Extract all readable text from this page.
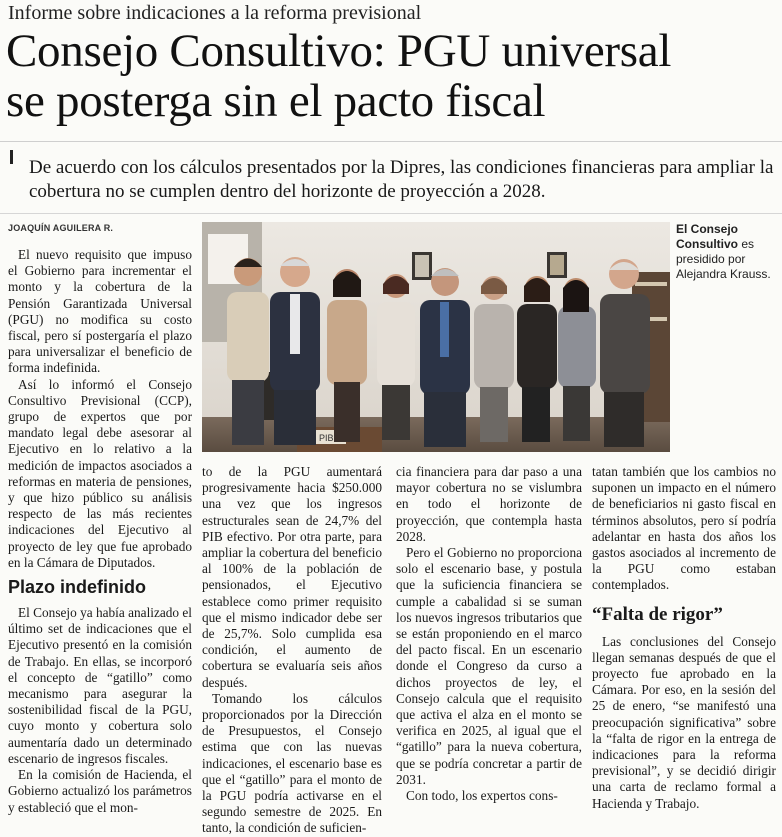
Informe sobre indicaciones a la reforma previsional
Consejo Consultivo: PGU universal
se posterga sin el pacto fiscal
De acuerdo con los cálculos presentados por la Dipres, las condiciones financieras para ampliar la cobertura no se cumplen dentro del horizonte de proyección a 2028.
JOAQUÍN AGUILERA R.
PIB
El Consejo Consultivo es presidido por Alejandra Krauss.

El nuevo requisito que impuso el Gobierno para incrementar el monto y la cobertura de la Pensión Garantizada Universal (PGU) no modifica su costo fiscal, pero sí postergaría el plazo para universalizar el beneficio de forma indefinida.

Así lo informó el Consejo Consultivo Previsional (CCP), grupo de expertos que por mandato legal debe asesorar al Ejecutivo en lo relativo a la medición de impactos asociados a reformas en materia de pensiones, y que hizo público su análisis respecto de las más recientes indicaciones del Ejecutivo al proyecto de ley que fue aprobado en la Cámara de Diputados.

Plazo indefinido

El Consejo ya había analizado el último set de indicaciones que el Ejecutivo presentó en la comisión de Trabajo. En ellas, se incorporó el concepto de “gatillo” como mecanismo para asegurar la sostenibilidad fiscal de la PGU, cuyo monto y cobertura solo aumentaría dado un determinado escenario de ingresos fiscales.

En la comisión de Hacienda, el Gobierno actualizó los parámetros y estableció que el mon-

to de la PGU aumentará progresivamente hacia $250.000 una vez que los ingresos estructurales sean de 24,7% del PIB efectivo. Por otra parte, para ampliar la cobertura del beneficio al 100% de la población de pensionados, el Ejecutivo establece como primer requisito que el mismo indicador debe ser de 25,7%. Solo cumplida esa condición, el aumento de cobertura se evaluaría seis años después.

Tomando los cálculos proporcionados por la Dirección de Presupuestos, el Consejo estima que con las nuevas indicaciones, el escenario base es que el “gatillo” para el monto de la PGU podría activarse en el segundo semestre de 2025. En tanto, la condición de suficien-

cia financiera para dar paso a una mayor cobertura no se vislumbra en todo el horizonte de proyección, que contempla hasta 2028.

Pero el Gobierno no proporciona solo el escenario base, y postula que la suficiencia financiera se cumple a cabalidad si se suman los nuevos ingresos tributarios que se están proponiendo en el marco del pacto fiscal. En un escenario donde el Congreso da curso a dichos proyectos de ley, el Consejo calcula que el requisito que activa el alza en el monto se verifica en 2025, al igual que el “gatillo” para la nueva cobertura, que se podría concretar a partir de 2031.

Con todo, los expertos cons-

tatan también que los cambios no suponen un impacto en el número de beneficiarios ni gasto fiscal en términos absolutos, pero sí podría adelantar en hasta dos años los gastos asociados al incremento de la PGU como estaban contemplados.

“Falta de rigor”

Las conclusiones del Consejo llegan semanas después de que el proyecto fue aprobado en la Cámara. Por eso, en la sesión del 25 de enero, “se manifestó una preocupación significativa” sobre la “falta de rigor en la entrega de indicaciones para la reforma previsional”, y se decidió dirigir una carta de reclamo formal a Hacienda y Trabajo.
